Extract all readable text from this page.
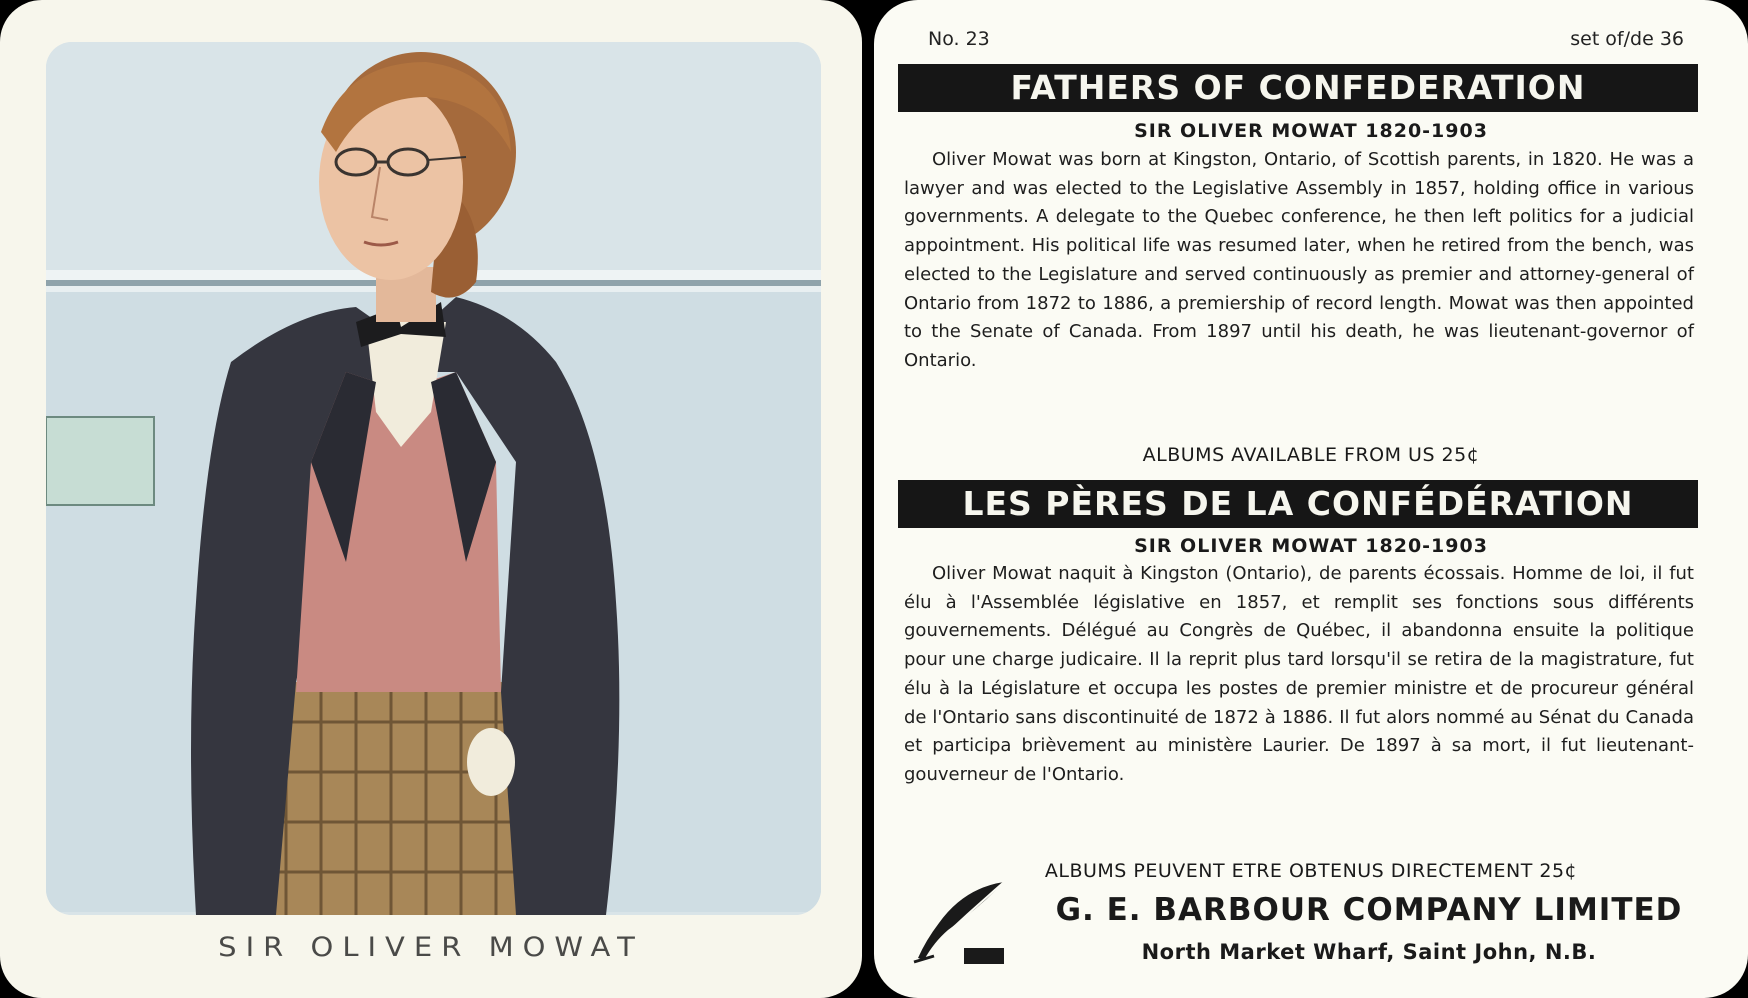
SIR OLIVER MOWAT
No. 23	set of/de 36
FATHERS OF CONFEDERATION
SIR OLIVER MOWAT 1820-1903

Oliver Mowat was born at Kingston, Ontario, of Scottish parents, in 1820. He was a lawyer and was elected to the Legislative Assembly in 1857, holding office in various governments. A delegate to the Quebec conference, he then left politics for a judicial appointment. His political life was resumed later, when he retired from the bench, was elected to the Legislature and served continuously as premier and attorney-general of Ontario from 1872 to 1886, a premiership of record length. Mowat was then appointed to the Senate of Canada. From 1897 until his death, he was lieutenant-governor of Ontario.

ALBUMS AVAILABLE FROM US 25¢
LES PÈRES DE LA CONFÉDÉRATION
SIR OLIVER MOWAT 1820-1903

Oliver Mowat naquit à Kingston (Ontario), de parents écossais. Homme de loi, il fut élu à l'Assemblée législative en 1857, et remplit ses fonctions sous différents gouvernements. Délégué au Congrès de Québec, il abandonna ensuite la politique pour une charge judicaire. Il la reprit plus tard lorsqu'il se retira de la magistrature, fut élu à la Législature et occupa les postes de premier ministre et de procureur général de l'Ontario sans discontinuité de 1872 à 1886. Il fut alors nommé au Sénat du Canada et participa brièvement au ministère Laurier. De 1897 à sa mort, il fut lieutenant-gouverneur de l'Ontario.

ALBUMS PEUVENT ETRE OBTENUS DIRECTEMENT 25¢
G. E. BARBOUR COMPANY LIMITED
North Market Wharf, Saint John, N.B.
